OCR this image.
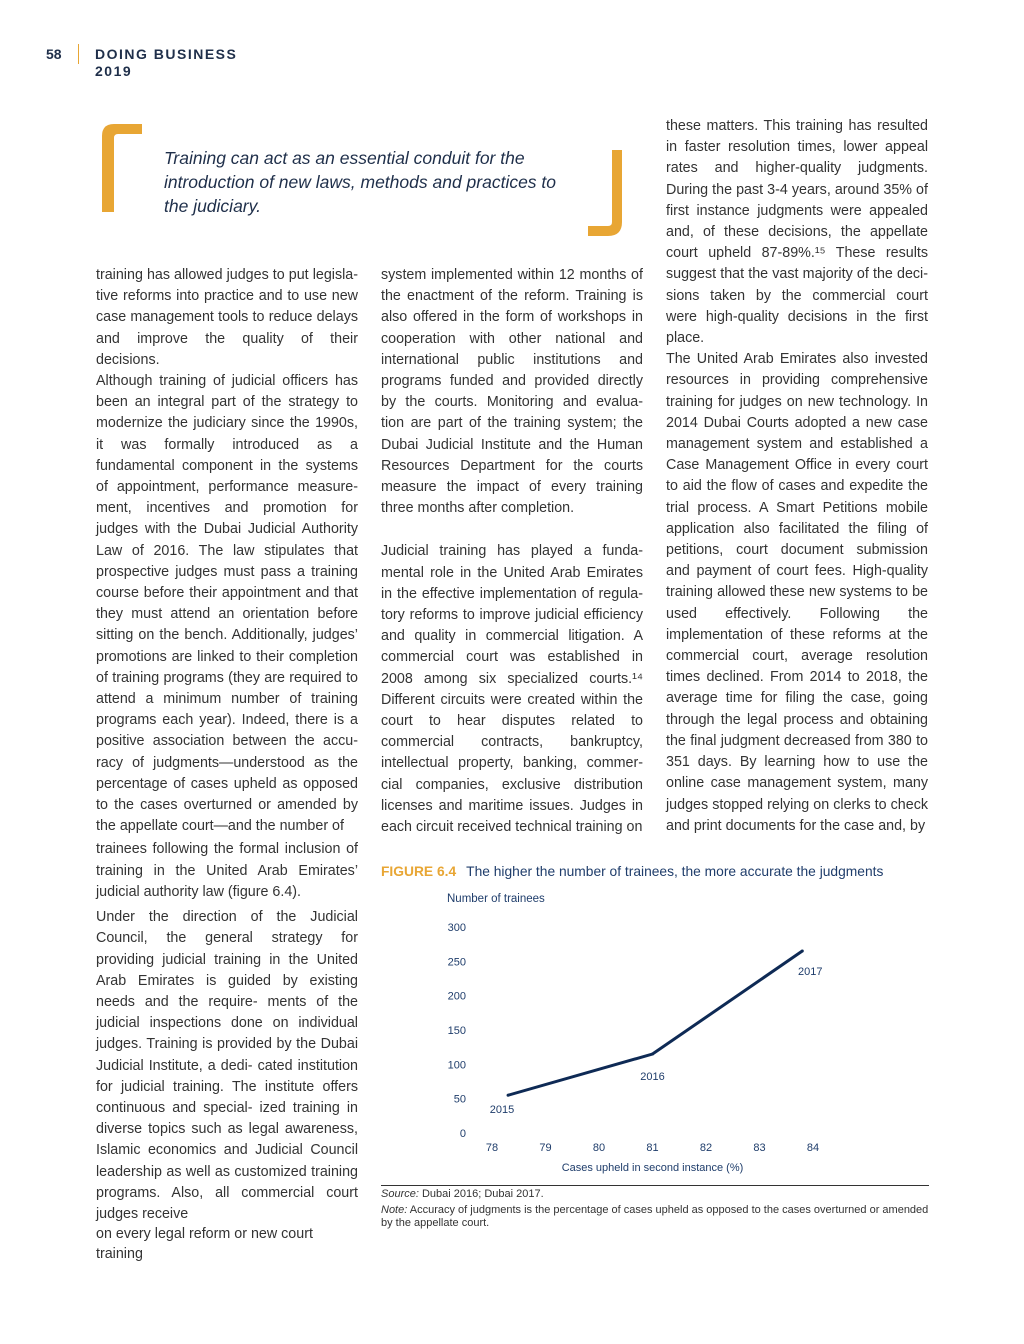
58 DOING BUSINESS
2019
Training can act as an essential conduit for the introduction of new laws, methods and practices to the judiciary.

training has allowed judges to put legisla- tive reforms into practice and to use new case management tools to reduce delays and improve the quality of their decisions.

Although training of judicial officers has been an integral part of the strategy to modernize the judiciary since the 1990s, it was formally introduced as a fundamental component in the systems of appointment, performance measure- ment, incentives and promotion for judges with the Dubai Judicial Authority Law of 2016. The law stipulates that prospective judges must pass a training course before their appointment and that they must attend an orientation before sitting on the bench. Additionally, judges’ promotions are linked to their completion of training programs (they are required to attend a minimum number of training programs each year). Indeed, there is a positive association between the accu- racy of judgments—understood as the percentage of cases upheld as opposed to the cases overturned or amended by the appellate court—and the number of

trainees following the formal inclusion of training in the United Arab Emirates’ judicial authority law (figure 6.4).

Under the direction of the Judicial Council, the general strategy for providing judicial training in the United Arab Emirates is guided by existing needs and the require- ments of the judicial inspections done on individual judges. Training is provided by the Dubai Judicial Institute, a dedi- cated institution for judicial training. The institute offers continuous and special- ized training in diverse topics such as legal awareness, Islamic economics and Judicial Council leadership as well as customized training programs. Also, all commercial court judges receive

on every legal reform or new court training

system implemented within 12 months of the enactment of the reform. Training is also offered in the form of workshops in cooperation with other national and international public institutions and programs funded and provided directly by the courts. Monitoring and evalua- tion are part of the training system; the Dubai Judicial Institute and the Human Resources Department for the courts measure the impact of every training three months after completion.

Judicial training has played a funda- mental role in the United Arab Emirates in the effective implementation of regula- tory reforms to improve judicial efficiency and quality in commercial litigation. A commercial court was established in 2008 among six specialized courts.¹⁴ Different circuits were created within the court to hear disputes related to commercial contracts, bankruptcy, intellectual property, banking, commer- cial companies, exclusive distribution licenses and maritime issues. Judges in each circuit received technical training on

these matters. This training has resulted in faster resolution times, lower appeal rates and higher-quality judgments. During the past 3-4 years, around 35% of first instance judgments were appealed and, of these decisions, the appellate court upheld 87-89%.¹⁵ These results suggest that the vast majority of the deci- sions taken by the commercial court were high-quality decisions in the first place.

The United Arab Emirates also invested resources in providing comprehensive training for judges on new technology. In 2014 Dubai Courts adopted a new case management system and established a Case Management Office in every court to aid the flow of cases and expedite the trial process. A Smart Petitions mobile application also facilitated the filing of petitions, court document submission and payment of court fees. High-quality training allowed these new systems to be used effectively. Following the implementation of these reforms at the commercial court, average resolution times declined. From 2014 to 2018, the average time for filing the case, going through the legal process and obtaining the final judgment decreased from 380 to 351 days. By learning how to use the online case management system, many judges stopped relying on clerks to check and print documents for the case and, by

FIGURE 6.4 The higher the number of trainees, the more accurate the judgments
Number of trainees
0
50
100
150
200
250
300
78	79	80	81	82	83	84
Cases upheld in second instance (%)
2015
2016
2017
Source: Dubai 2016; Dubai 2017.
Note: Accuracy of judgments is the percentage of cases upheld as opposed to the cases overturned or amended by the appellate court.
